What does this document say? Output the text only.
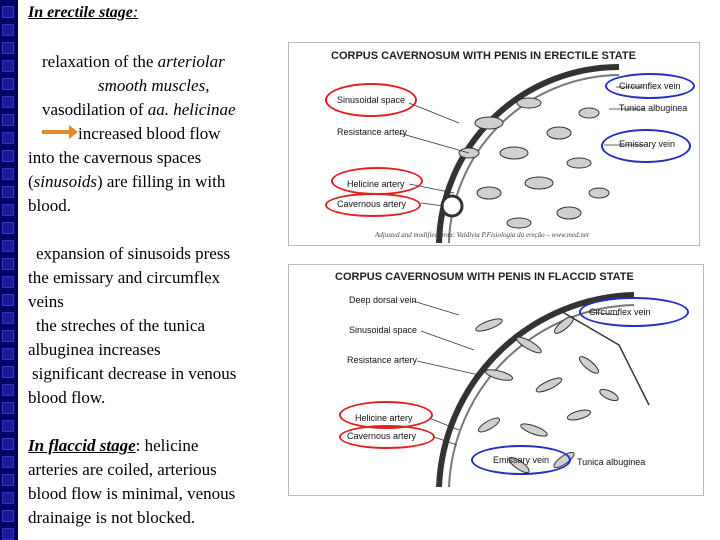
In erectile stage:
relaxation of the arteriolar
smooth muscles,
vasodilation of aa. helicinae
increased blood flow
into the cavernous spaces
(sinusoids) are filling in with
blood.
expansion of sinusoids press
the emissary and circumflex
veins
the streches of the tunica
albuginea increases
significant decrease in venous
blood flow.
In flaccid stage: helicine
arteries are coiled, arterious
blood flow is minimal, venous
drainaige is not blocked.
CORPUS CAVERNOSUM WITH PENIS IN ERECTILE STATE
Sinusoidal space
Resistance artery
Helicine artery
Cavernous artery
Circumflex vein
Tunica albuginea
Emissary vein
Adjusted and modified from: Valdivia P.Fisiologia da ereção – www.med.net
CORPUS CAVERNOSUM WITH PENIS IN FLACCID STATE
Deep dorsal vein
Sinusoidal space
Resistance artery
Helicine artery
Cavernous artery
Circumflex vein
Emissary vein	Tunica albuginea
